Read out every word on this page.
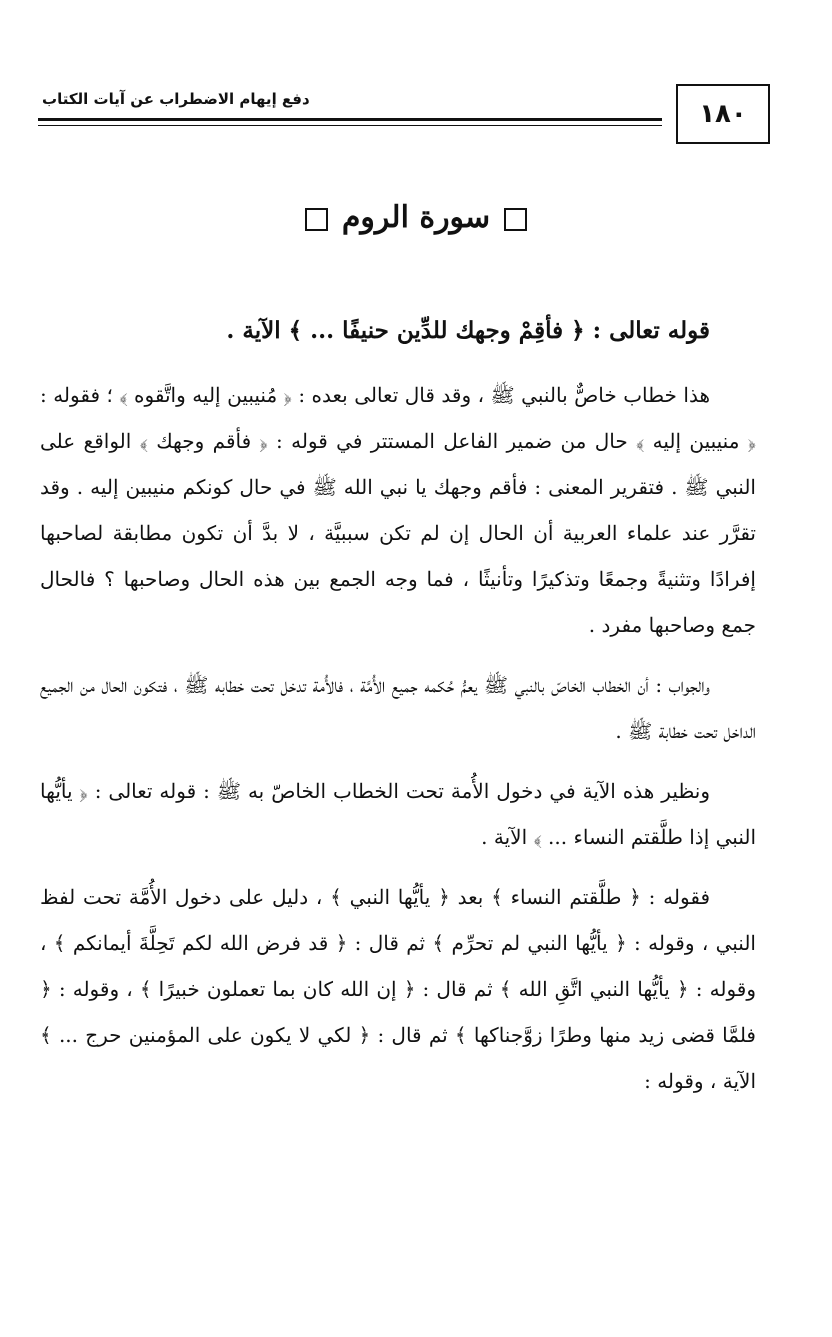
دفع إيهام الاضطراب عن آيات الكتاب	١٨٠
سورة الروم

قوله تعالى : ﴿ فأقِمْ وجهك للدِّين حنيفًا ... ﴾ الآية .

هذا خطاب خاصٌّ بالنبي ﷺ ، وقد قال تعالى بعده : ﴿ مُنيبين إليه واتَّقوه ﴾ ؛ فقوله : ﴿ منيبين إليه ﴾ حال من ضمير الفاعل المستتر في قوله : ﴿ فأقم وجهك ﴾ الواقع على النبي ﷺ . فتقرير المعنى : فأقم وجهك يا نبي الله ﷺ في حال كونكم منيبين إليه . وقد تقرَّر عند علماء العربية أن الحال إن لم تكن سببيَّة ، لا بدَّ أن تكون مطابقة لصاحبها إفرادًا وتثنيةً وجمعًا وتذكيرًا وتأنيثًا ، فما وجه الجمع بين هذه الحال وصاحبها ؟ فالحال جمع وصاحبها مفرد .

والجواب : أن الخطاب الخاصّ بالنبي ﷺ يعمُّ حُكمه جميع الأُمَّة ، فالأُمة تدخل تحت خطابه ﷺ ، فتكون الحال من الجميع الداخل تحت خطابة ﷺ .

ونظير هذه الآية في دخول الأُمة تحت الخطاب الخاصّ به ﷺ : قوله تعالى : ﴿ يأيُّها النبي إذا طلَّقتم النساء ... ﴾ الآية .

فقوله : ﴿ طلَّقتم النساء ﴾ بعد ﴿ يأيُّها النبي ﴾ ، دليل على دخول الأُمَّة تحت لفظ النبي ، وقوله : ﴿ يأيُّها النبي لم تحرِّم ﴾ ثم قال : ﴿ قد فرض الله لكم تَحِلَّةَ أيمانكم ﴾ ، وقوله : ﴿ يأيُّها النبي اتَّقِ الله ﴾ ثم قال : ﴿ إن الله كان بما تعملون خبيرًا ﴾ ، وقوله : ﴿ فلمَّا قضى زيد منها وطرًا زوَّجناكها ﴾ ثم قال : ﴿ لكي لا يكون على المؤمنين حرج ... ﴾ الآية ، وقوله :
